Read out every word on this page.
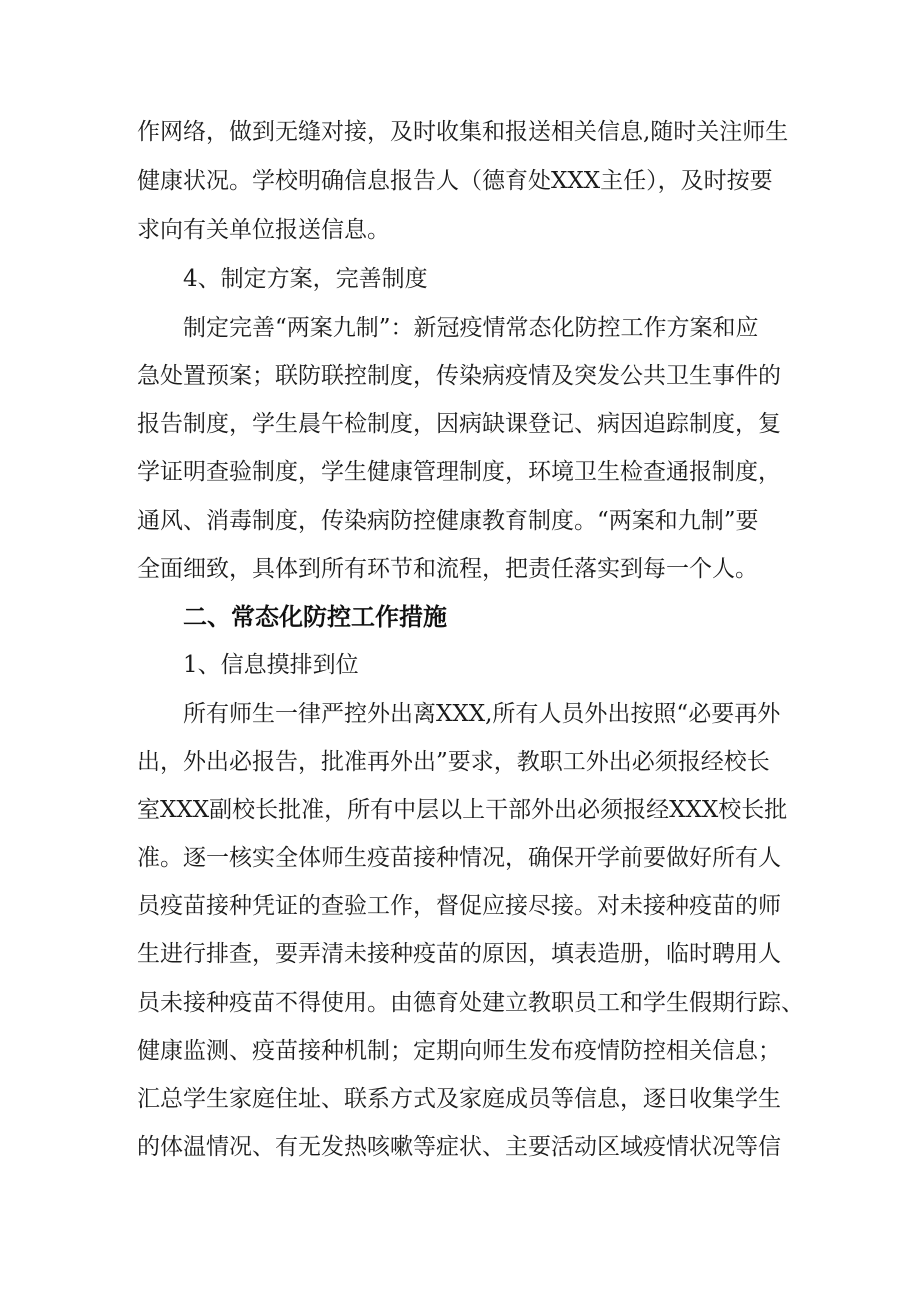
作网络，做到无缝对接，及时收集和报送相关信息,随时关注师生
健康状况。学校明确信息报告人（德育处XXX主任），及时按要
求向有关单位报送信息。
4、制定方案，完善制度
制定完善“两案九制”：新冠疫情常态化防控工作方案和应
急处置预案；联防联控制度，传染病疫情及突发公共卫生事件的
报告制度，学生晨午检制度，因病缺课登记、病因追踪制度，复
学证明查验制度，学生健康管理制度，环境卫生检查通报制度，
通风、消毒制度，传染病防控健康教育制度。“两案和九制”要
全面细致，具体到所有环节和流程，把责任落实到每一个人。
二、常态化防控工作措施
1、信息摸排到位
所有师生一律严控外出离XXX,所有人员外出按照“必要再外
出，外出必报告，批准再外出”要求，教职工外出必须报经校长
室XXX副校长批准，所有中层以上干部外出必须报经XXX校长批
准。逐一核实全体师生疫苗接种情况，确保开学前要做好所有人
员疫苗接种凭证的查验工作，督促应接尽接。对未接种疫苗的师
生进行排查，要弄清未接种疫苗的原因，填表造册，临时聘用人
员未接种疫苗不得使用。由德育处建立教职员工和学生假期行踪、
健康监测、疫苗接种机制；定期向师生发布疫情防控相关信息；
汇总学生家庭住址、联系方式及家庭成员等信息，逐日收集学生
的体温情况、有无发热咳嗽等症状、主要活动区域疫情状况等信
